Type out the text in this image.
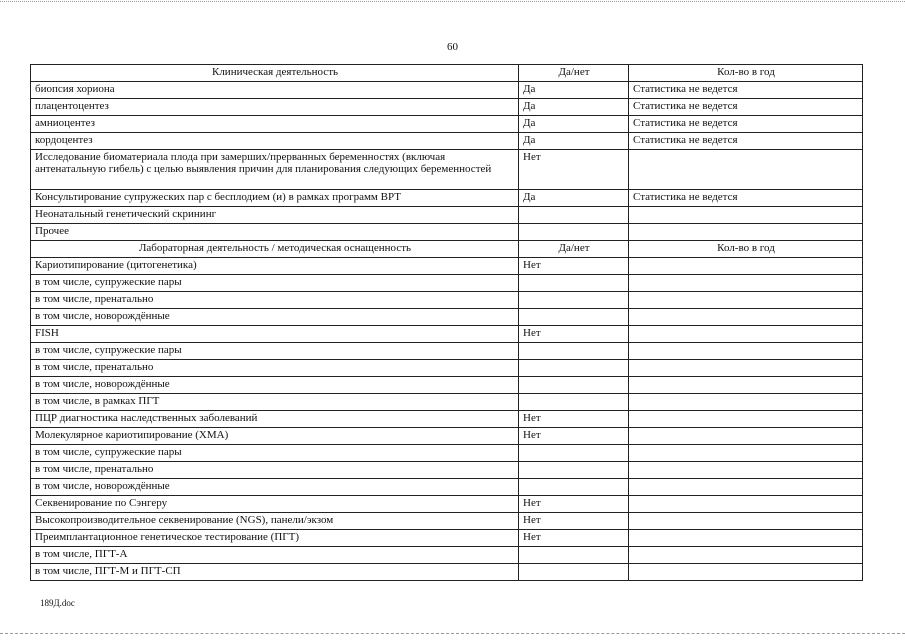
60
Клиническая деятельность	Да/нет	Кол-во в год
биопсия хориона	Да	Статистика не ведется
плацентоцентез	Да	Статистика не ведется
амниоцентез	Да	Статистика не ведется
кордоцентез	Да	Статистика не ведется
Исследование биоматериала плода при замерших/прерванных беременностях (включая антенатальную гибель) с целью выявления причин для планирования следующих беременностей	Нет	
Консультирование супружеских пар с бесплодием (и) в рамках программ ВРТ	Да	Статистика не ведется
Неонатальный генетический скрининг		
Прочее		
Лабораторная деятельность / методическая оснащенность	Да/нет	Кол-во в год
Кариотипирование (цитогенетика)	Нет	
в том числе, супружеские пары		
в том числе, пренатально		
в том числе, новорождённые		
FISH	Нет	
в том числе, супружеские пары		
в том числе, пренатально		
в том числе, новорождённые		
в том числе, в рамках ПГТ		
ПЦР диагностика наследственных заболеваний	Нет	
Молекулярное кариотипирование (ХМА)	Нет	
в том числе, супружеские пары		
в том числе, пренатально		
в том числе, новорождённые		
Секвенирование по Сэнгеру	Нет	
Высокопроизводительное секвенирование (NGS), панели/экзом	Нет	
Преимплантационное генетическое тестирование (ПГТ)	Нет	
в том числе, ПГТ-А		
в том числе, ПГТ-М и ПГТ-СП		
189Д.doc
